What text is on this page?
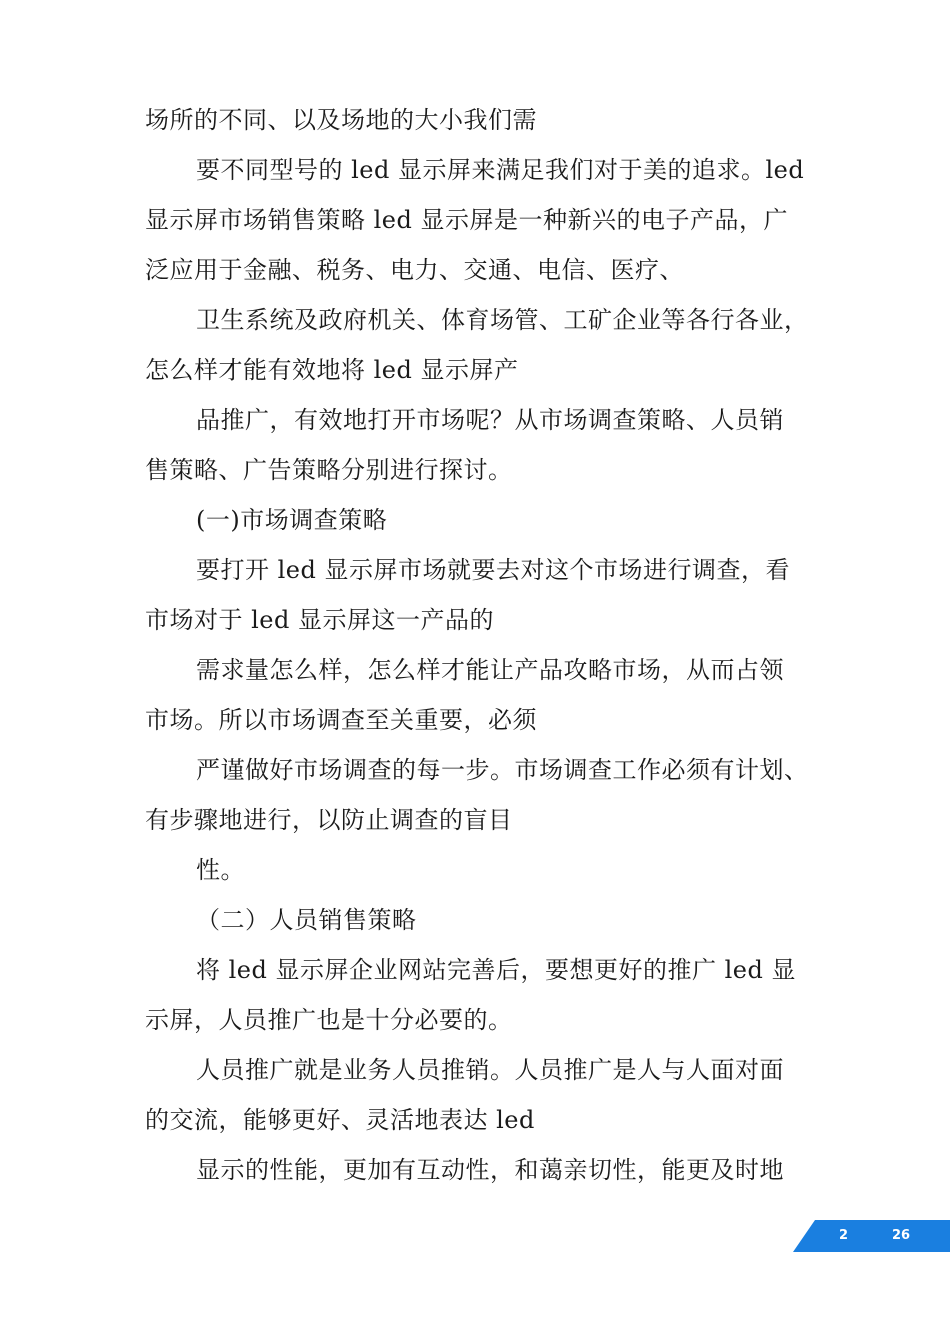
场所的不同、以及场地的大小我们需

要不同型号的 led 显示屏来满足我们对于美的追求。led

显示屏市场销售策略 led 显示屏是一种新兴的电子产品，广

泛应用于金融、税务、电力、交通、电信、医疗、

卫生系统及政府机关、体育场管、工矿企业等各行各业，

怎么样才能有效地将 led 显示屏产

品推广，有效地打开市场呢？从市场调查策略、人员销

售策略、广告策略分别进行探讨。

(一)市场调查策略

要打开 led 显示屏市场就要去对这个市场进行调查，看

市场对于 led 显示屏这一产品的

需求量怎么样，怎么样才能让产品攻略市场，从而占领

市场。所以市场调查至关重要，必须

严谨做好市场调查的每一步。市场调查工作必须有计划、

有步骤地进行，以防止调查的盲目

性。

（二）人员销售策略

将 led 显示屏企业网站完善后，要想更好的推广 led 显

示屏，人员推广也是十分必要的。

人员推广就是业务人员推销。人员推广是人与人面对面

的交流，能够更好、灵活地表达 led

显示的性能，更加有互动性，和蔼亲切性，能更及时地

2	26
